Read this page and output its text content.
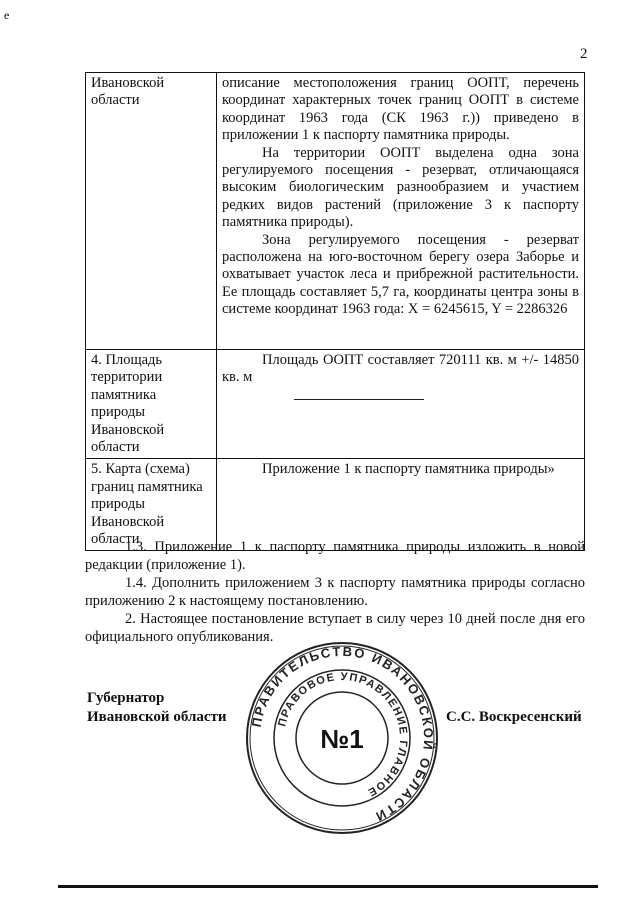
е
2
Ивановской области	описание местоположения границ ООПТ, перечень координат характерных точек границ ООПТ в системе координат 1963 года (СК 1963 г.)) приведено в приложении 1 к паспорту памятника природы.

На территории ООПТ выделена одна зона регулируемого посещения - резерват, отличающаяся высоким биологическим разнообразием и участием редких видов растений (приложение 3 к паспорту памятника природы).

Зона регулируемого посещения - резерват расположена на юго-восточном берегу озера Заборье и охватывает участок леса и прибрежной растительности. Ее площадь составляет 5,7 га, координаты центра зоны в системе координат 1963 года: X = 6245615, Y = 2286326

4. Площадь территории памятника природы Ивановской области	Площадь ООПТ составляет 720111 кв. м +/- 14850 кв. м

5. Карта (схема) границ памятника природы Ивановской области	Приложение 1 к паспорту памятника природы»

1.3. Приложение 1 к паспорту памятника природы изложить в новой редакции (приложение 1).

1.4. Дополнить приложением 3 к паспорту памятника природы согласно приложению 2 к настоящему постановлению.

2. Настоящее постановление вступает в силу через 10 дней после дня его официального опубликования.

Губернатор
Ивановской области	С.С. Воскресенский
ПРАВИТЕЛЬСТВО ИВАНОВСКОЙ ОБЛАСТИ
ПРАВОВОЕ УПРАВЛЕНИЕ ГЛАВНОЕ
№1
